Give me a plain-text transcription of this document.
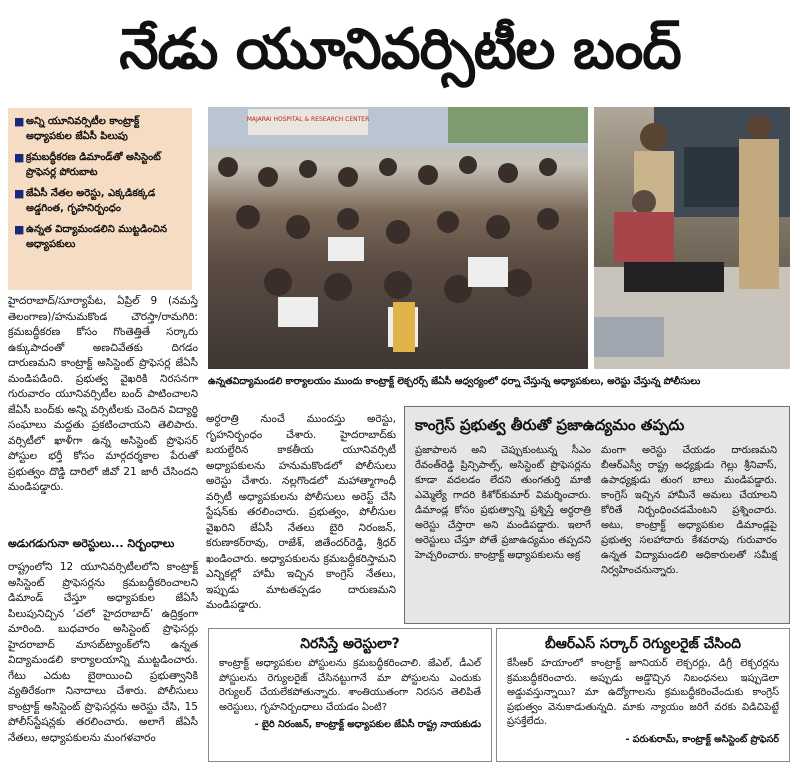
నేడు యూనివర్సిటీల బంద్
■ అన్ని యూనివర్సిటీల కాంట్రాక్ట్ అధ్యాపకుల జేఏసీ పిలుపు
■ క్రమబద్ధీకరణ డిమాండ్‌తో అసిస్టెంట్ ప్రొఫెసర్ల పోరుబాట
■ జేఏసీ నేతల అరెస్టు, ఎక్కడికక్కడ అడ్డగింత, గృహనిర్బంధం
■ ఉన్నత విద్యామండలిని ముట్టడించిన అధ్యాపకులు
MAJARAI HOSPITAL & RESEARCH CENTER
ఉన్నతవిద్యామండలి కార్యాలయం ముందు కాంట్రాక్ట్ లెక్చరర్స్ జేఏసీ ఆధ్వర్యంలో ధర్నా చేస్తున్న అధ్యాపకులు, అరెస్టు చేస్తున్న పోలీసులు
హైదరాబాద్/సూర్యాపేట, ఏప్రిల్ 9 (నమస్తే తెలంగాణ)/హనుమకొండ చౌరస్తా/రామగిరి: క్రమబద్ధీకరణ కోసం గొంతెత్తితే సర్కారు ఉక్కుపాదంతో అణచివేతకు దిగడం దారుణమని కాంట్రాక్ట్ అసిస్టెంట్ ప్రొఫెసర్ల జేఏసీ మండిపడింది. ప్రభుత్వ వైఖరికి నిరసనగా గురువారం యూనివర్సిటీల బంద్ పాటించాలని జేఏసీ బంద్‌కు అన్ని వర్సిటీలకు చెందిన విద్యార్థి సంఘాలు మద్దతు ప్రకటించాయని తెలిపారు. వర్సిటీలో ఖాళీగా ఉన్న అసిస్టెంట్ ప్రొఫెసర్ పోస్టుల భర్తీ కోసం మార్గదర్శకాల పేరుతో ప్రభుత్వం దొడ్డి దారిలో జీవో 21 జారీ చేసిందని మండిపడ్డారు.
అడుగడుగునా అరెస్టులు... నిర్బంధాలు
రాష్ట్రంలోని 12 యూనివర్సిటీలలోని కాంట్రాక్ట్ అసిస్టెంట్ ప్రొఫెసర్లను క్రమబద్ధీకరించాలని డిమాండ్ చేస్తూ అధ్యాపకుల జేఏసీ పిలుపునిచ్చిన ‘చలో హైదరాబాద్’ ఉద్రిక్తంగా మారింది. బుధవారం అసిస్టెంట్ ప్రొఫెసర్లు హైదరాబాద్ మాసబ్‌ట్యాంక్‌లోని ఉన్నత విద్యామండలి కార్యాలయాన్ని ముట్టడించారు. గేటు ఎదుట బైఠాయించి ప్రభుత్వానికి వ్యతిరేకంగా నినాదాలు చేశారు. పోలీసులు కాంట్రాక్ట్ అసిస్టెంట్ ప్రొఫెసర్లను అరెస్టు చేసి, 15 పోలీస్‌స్టేషన్లకు తరలించారు. అలాగే జేఏసీ నేతలు, అధ్యాపకులను మంగళవారం
అర్ధరాత్రి నుంచే ముందస్తు అరెస్టు, గృహనిర్బంధం చేశారు. హైదరాబాద్‌కు బయల్దేరిన కాకతీయ యూనివర్సిటీ అధ్యాపకులను హనుమకొండలో పోలీసులు అరెస్టు చేశారు. నల్లగొండలో మహాత్మాగాంధీ వర్సిటీ అధ్యాపకులను పోలీసులు అరెస్ట్ చేసి స్టేషన్‌కు తరలించారు. ప్రభుత్వం, పోలీసుల వైఖరిని జేఏసీ నేతలు బైరి నిరంజన్, కరుణాకర్‌రావు, రాజేశ్, జితేందర్‌రెడ్డి, శ్రీధర్ ఖండించారు. అధ్యాపకులను క్రమబద్ధీకరిస్తామని ఎన్నికల్లో హామీ ఇచ్చిన కాంగ్రెస్ నేతలు, ఇప్పుడు మాటతప్పడం దారుణమని మండిపడ్డారు.
కాంగ్రెస్ ప్రభుత్వ తీరుతో ప్రజాఉద్యమం తప్పదు
ప్రజాపాలన అని చెప్పుకుంటున్న సీఎం రేవంత్‌రెడ్డి ప్రిన్సిపాల్స్, అసిస్టెంట్ ప్రొఫెసర్లను కూడా వదలడం లేదని తుంగతుర్తి మాజీ ఎమ్మెల్యే గాదరి కిశోర్‌కుమార్ విమర్శించారు. డిమాండ్ల కోసం ప్రభుత్వాన్ని ప్రశ్నిస్తే అర్ధరాత్రి అరెస్టు చేస్తారా అని మండిపడ్డారు. ఇలాగే అరెస్టులు చేస్తూ పోతే ప్రజాఉద్యమం తప్పదని హెచ్చరించారు. కాంట్రాక్ట్ అధ్యాపకులను అక్ర
మంగా అరెస్టు చేయడం దారుణమని బీఆర్‌ఎస్వీ రాష్ట్ర అధ్యక్షుడు గెల్లు శ్రీనివాస్, ఉపాధ్యక్షుడు తుంగ బాలు మండిపడ్డారు. కాంగ్రెస్ ఇచ్చిన హామీనే అమలు చేయాలని కోరితే నిర్బంధించడమేంటని ప్రశ్నించారు. అటు, కాంట్రాక్ట్ అధ్యాపకుల డిమాండ్లపై ప్రభుత్వ సలహాదారు కేశవరావు గురువారం ఉన్నత విద్యామండలి అధికారులతో సమీక్ష నిర్వహించనున్నారు.
నిరసిస్తే అరెస్టులా?
కాంట్రాక్ట్ అధ్యాపకుల పోస్టులను క్రమబద్ధీకరించాలి. జేఎల్, డీఎల్ పోస్టులను రెగ్యులరైజ్ చేసినట్టుగానే మా పోస్టులను ఎందుకు రెగ్యులర్ చేయలేకపోతున్నారు. శాంతియుతంగా నిరసన తెలిపితే అరెస్టులు, గృహనిర్బంధాలు చేయడం ఏంటి?
- బైరి నిరంజన్, కాంట్రాక్ట్ అధ్యాపకుల జేఏసీ రాష్ట్ర నాయకుడు
బీఆర్‌ఎస్ సర్కార్ రెగ్యులరైజ్ చేసింది
కేసీఆర్ హయాంలో కాంట్రాక్ట్ జూనియర్ లెక్చరర్లు, డిగ్రీ లెక్చరర్లను క్రమబద్ధీకరించారు. అప్పుడు అడ్డొచ్చిన నిబంధనలు ఇప్పుడెలా అడ్డువస్తున్నాయి? మా ఉద్యోగాలను క్రమబద్ధీకరించేందుకు కాంగ్రెస్ ప్రభుత్వం వెనుకాడుతున్నది. మాకు న్యాయం జరిగే వరకు విడిచిపెట్టే ప్రసక్తేలేదు.
- పరుశురామ్, కాంట్రాక్ట్ అసిస్టెంట్ ప్రొఫెసర్
